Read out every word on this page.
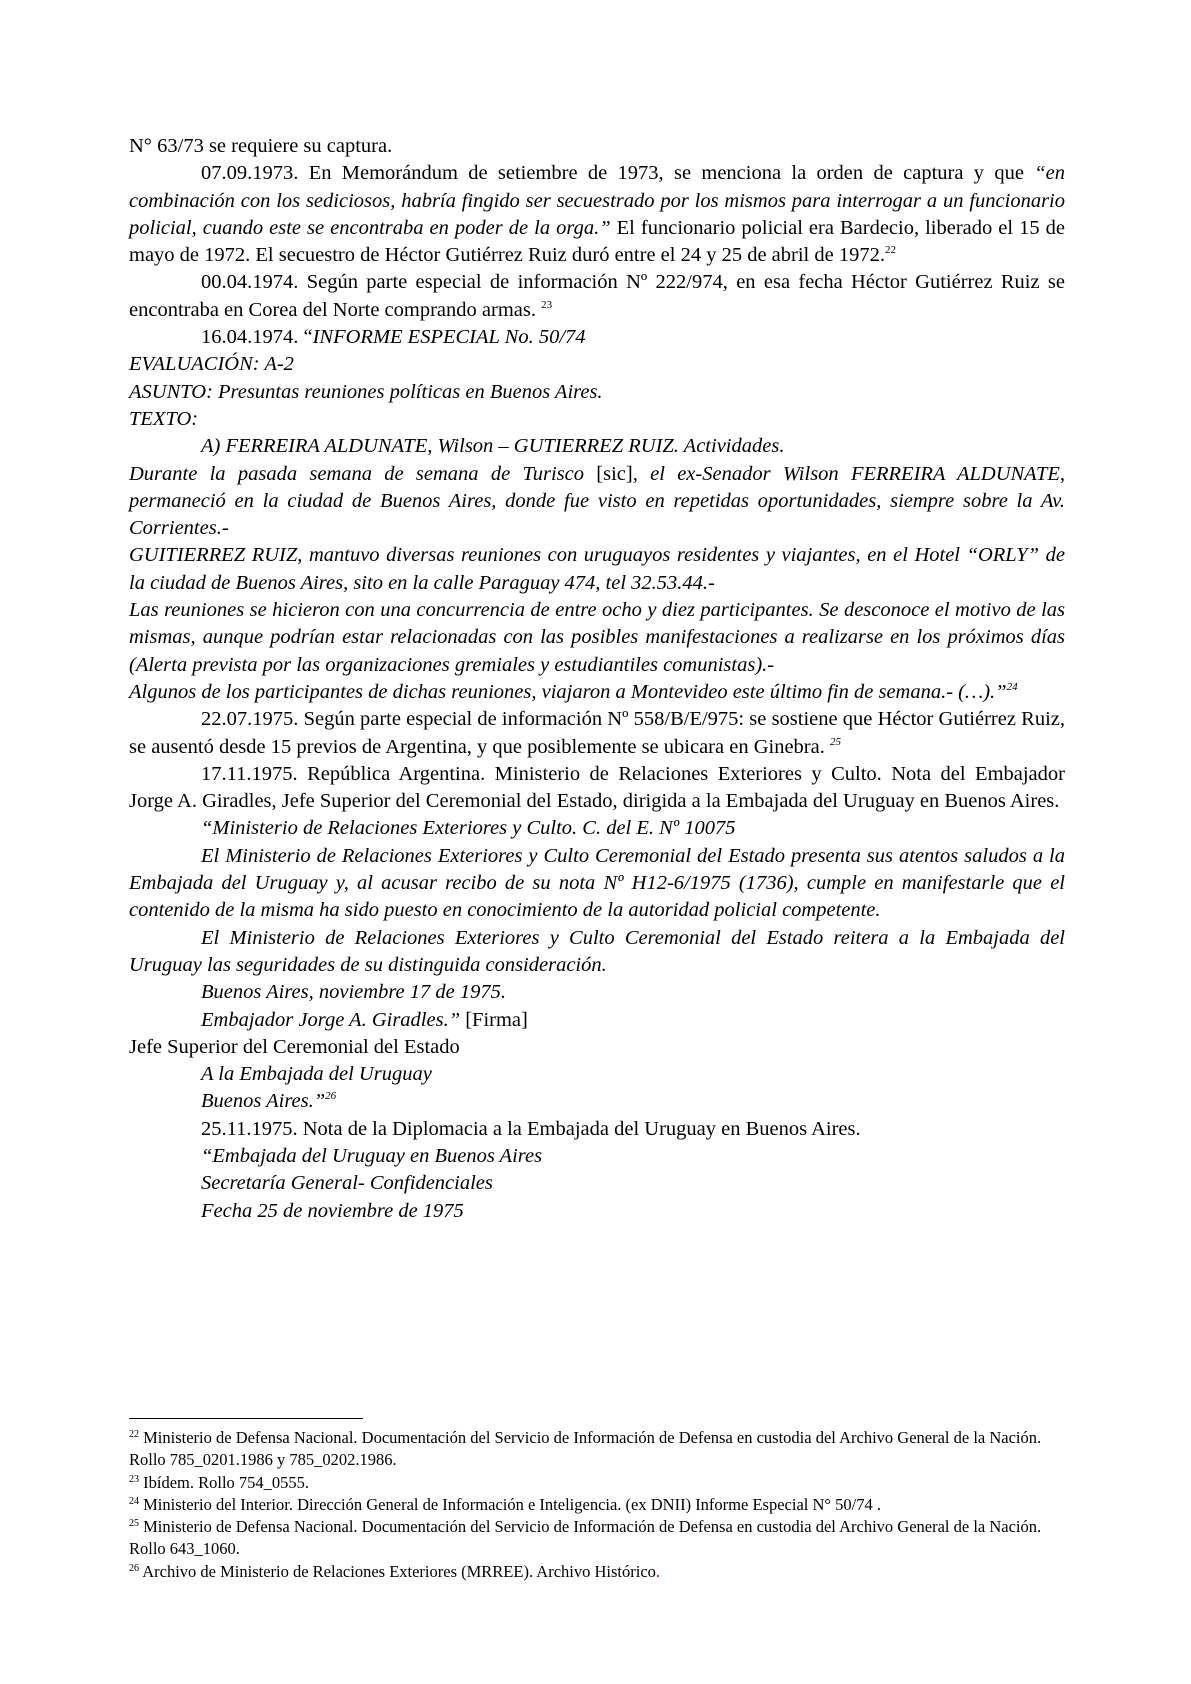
N° 63/73 se requiere su captura.

07.09.1973. En Memorándum de setiembre de 1973, se menciona la orden de captura y que “en combinación con los sediciosos, habría fingido ser secuestrado por los mismos para interrogar a un funcionario policial, cuando este se encontraba en poder de la orga.” El funcionario policial era Bardecio, liberado el 15 de mayo de 1972. El secuestro de Héctor Gutiérrez Ruiz duró entre el 24 y 25 de abril de 1972.22

00.04.1974. Según parte especial de información Nº 222/974, en esa fecha Héctor Gutiérrez Ruiz se encontraba en Corea del Norte comprando armas. $^{23}$

16.04.1974. “INFORME ESPECIAL No. 50/74

EVALUACIÓN: A-2

ASUNTO: Presuntas reuniones políticas en Buenos Aires.

TEXTO:

A) FERREIRA ALDUNATE, Wilson – GUTIERREZ RUIZ. Actividades.

Durante la pasada semana de semana de Turisco [sic], el ex-Senador Wilson FERREIRA ALDUNATE, permaneció en la ciudad de Buenos Aires, donde fue visto en repetidas oportunidades, siempre sobre la Av. Corrientes.-

GUITIERREZ RUIZ, mantuvo diversas reuniones con uruguayos residentes y viajantes, en el Hotel “ORLY” de la ciudad de Buenos Aires, sito en la calle Paraguay 474, tel 32.53.44.-

Las reuniones se hicieron con una concurrencia de entre ocho y diez participantes. Se desconoce el motivo de las mismas, aunque podrían estar relacionadas con las posibles manifestaciones a realizarse en los próximos días (Alerta prevista por las organizaciones gremiales y estudiantiles comunistas).-

Algunos de los participantes de dichas reuniones, viajaron a Montevideo este último fin de semana.- (…).”$^{24}$

22.07.1975. Según parte especial de información Nº 558/B/E/975: se sostiene que Héctor Gutiérrez Ruiz, se ausentó desde 15 previos de Argentina, y que posiblemente se ubicara en Ginebra. $^{25}$

17.11.1975. República Argentina. Ministerio de Relaciones Exteriores y Culto. Nota del Embajador Jorge A. Giradles, Jefe Superior del Ceremonial del Estado, dirigida a la Embajada del Uruguay en Buenos Aires.

“Ministerio de Relaciones Exteriores y Culto. C. del E. Nº 10075

El Ministerio de Relaciones Exteriores y Culto Ceremonial del Estado presenta sus atentos saludos a la Embajada del Uruguay y, al acusar recibo de su nota Nº H12-6/1975 (1736), cumple en manifestarle que el contenido de la misma ha sido puesto en conocimiento de la autoridad policial competente.

El Ministerio de Relaciones Exteriores y Culto Ceremonial del Estado reitera a la Embajada del Uruguay las seguridades de su distinguida consideración.

Buenos Aires, noviembre 17 de 1975.

Embajador Jorge A. Giradles.” [Firma]

Jefe Superior del Ceremonial del Estado

A la Embajada del Uruguay

Buenos Aires.”$^{26}$

25.11.1975. Nota de la Diplomacia a la Embajada del Uruguay en Buenos Aires.

“Embajada del Uruguay en Buenos Aires

Secretaría General- Confidenciales

Fecha 25 de noviembre de 1975

$^{22}$ Ministerio de Defensa Nacional. Documentación del Servicio de Información de Defensa en custodia del Archivo General de la Nación. Rollo 785_0201.1986 y 785_0202.1986.

$^{23}$ Ibídem. Rollo 754_0555.

$^{24}$ Ministerio del Interior. Dirección General de Información e Inteligencia. (ex DNII) Informe Especial N° 50/74 .

$^{25}$ Ministerio de Defensa Nacional. Documentación del Servicio de Información de Defensa en custodia del Archivo General de la Nación. Rollo 643_1060.

$^{26}$ Archivo de Ministerio de Relaciones Exteriores (MRREE). Archivo Histórico.
